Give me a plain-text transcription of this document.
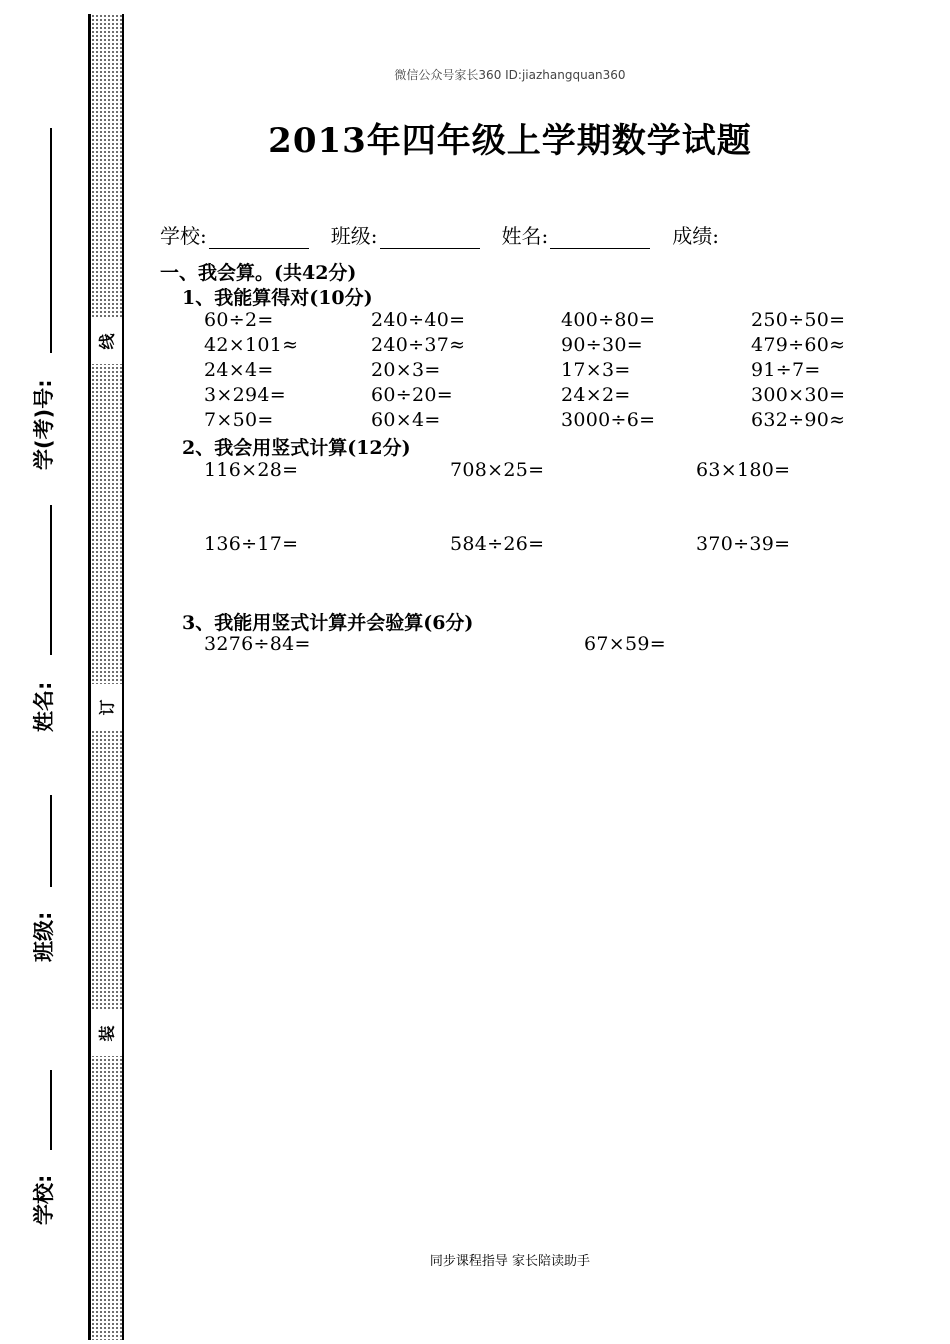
学(考)号:
姓名:
班级:
学校:
线
订
装
微信公众号家长360 ID:jiazhangquan360
2013年四年级上学期数学试题
学校:	班级:	姓名:	成绩:
一、我会算。(共42分)
1、我能算得对(10分)
60÷2=	240÷40=	400÷80=	250÷50=
42×101≈	240÷37≈	90÷30=	479÷60≈
24×4=	20×3=	17×3=	91÷7=
3×294=	60÷20=	24×2=	300×30=
7×50=	60×4=	3000÷6=	632÷90≈
2、我会用竖式计算(12分)
116×28=	708×25=	63×180=
136÷17=	584÷26=	370÷39=
3、我能用竖式计算并会验算(6分)
3276÷84=	67×59=
同步课程指导 家长陪读助手
